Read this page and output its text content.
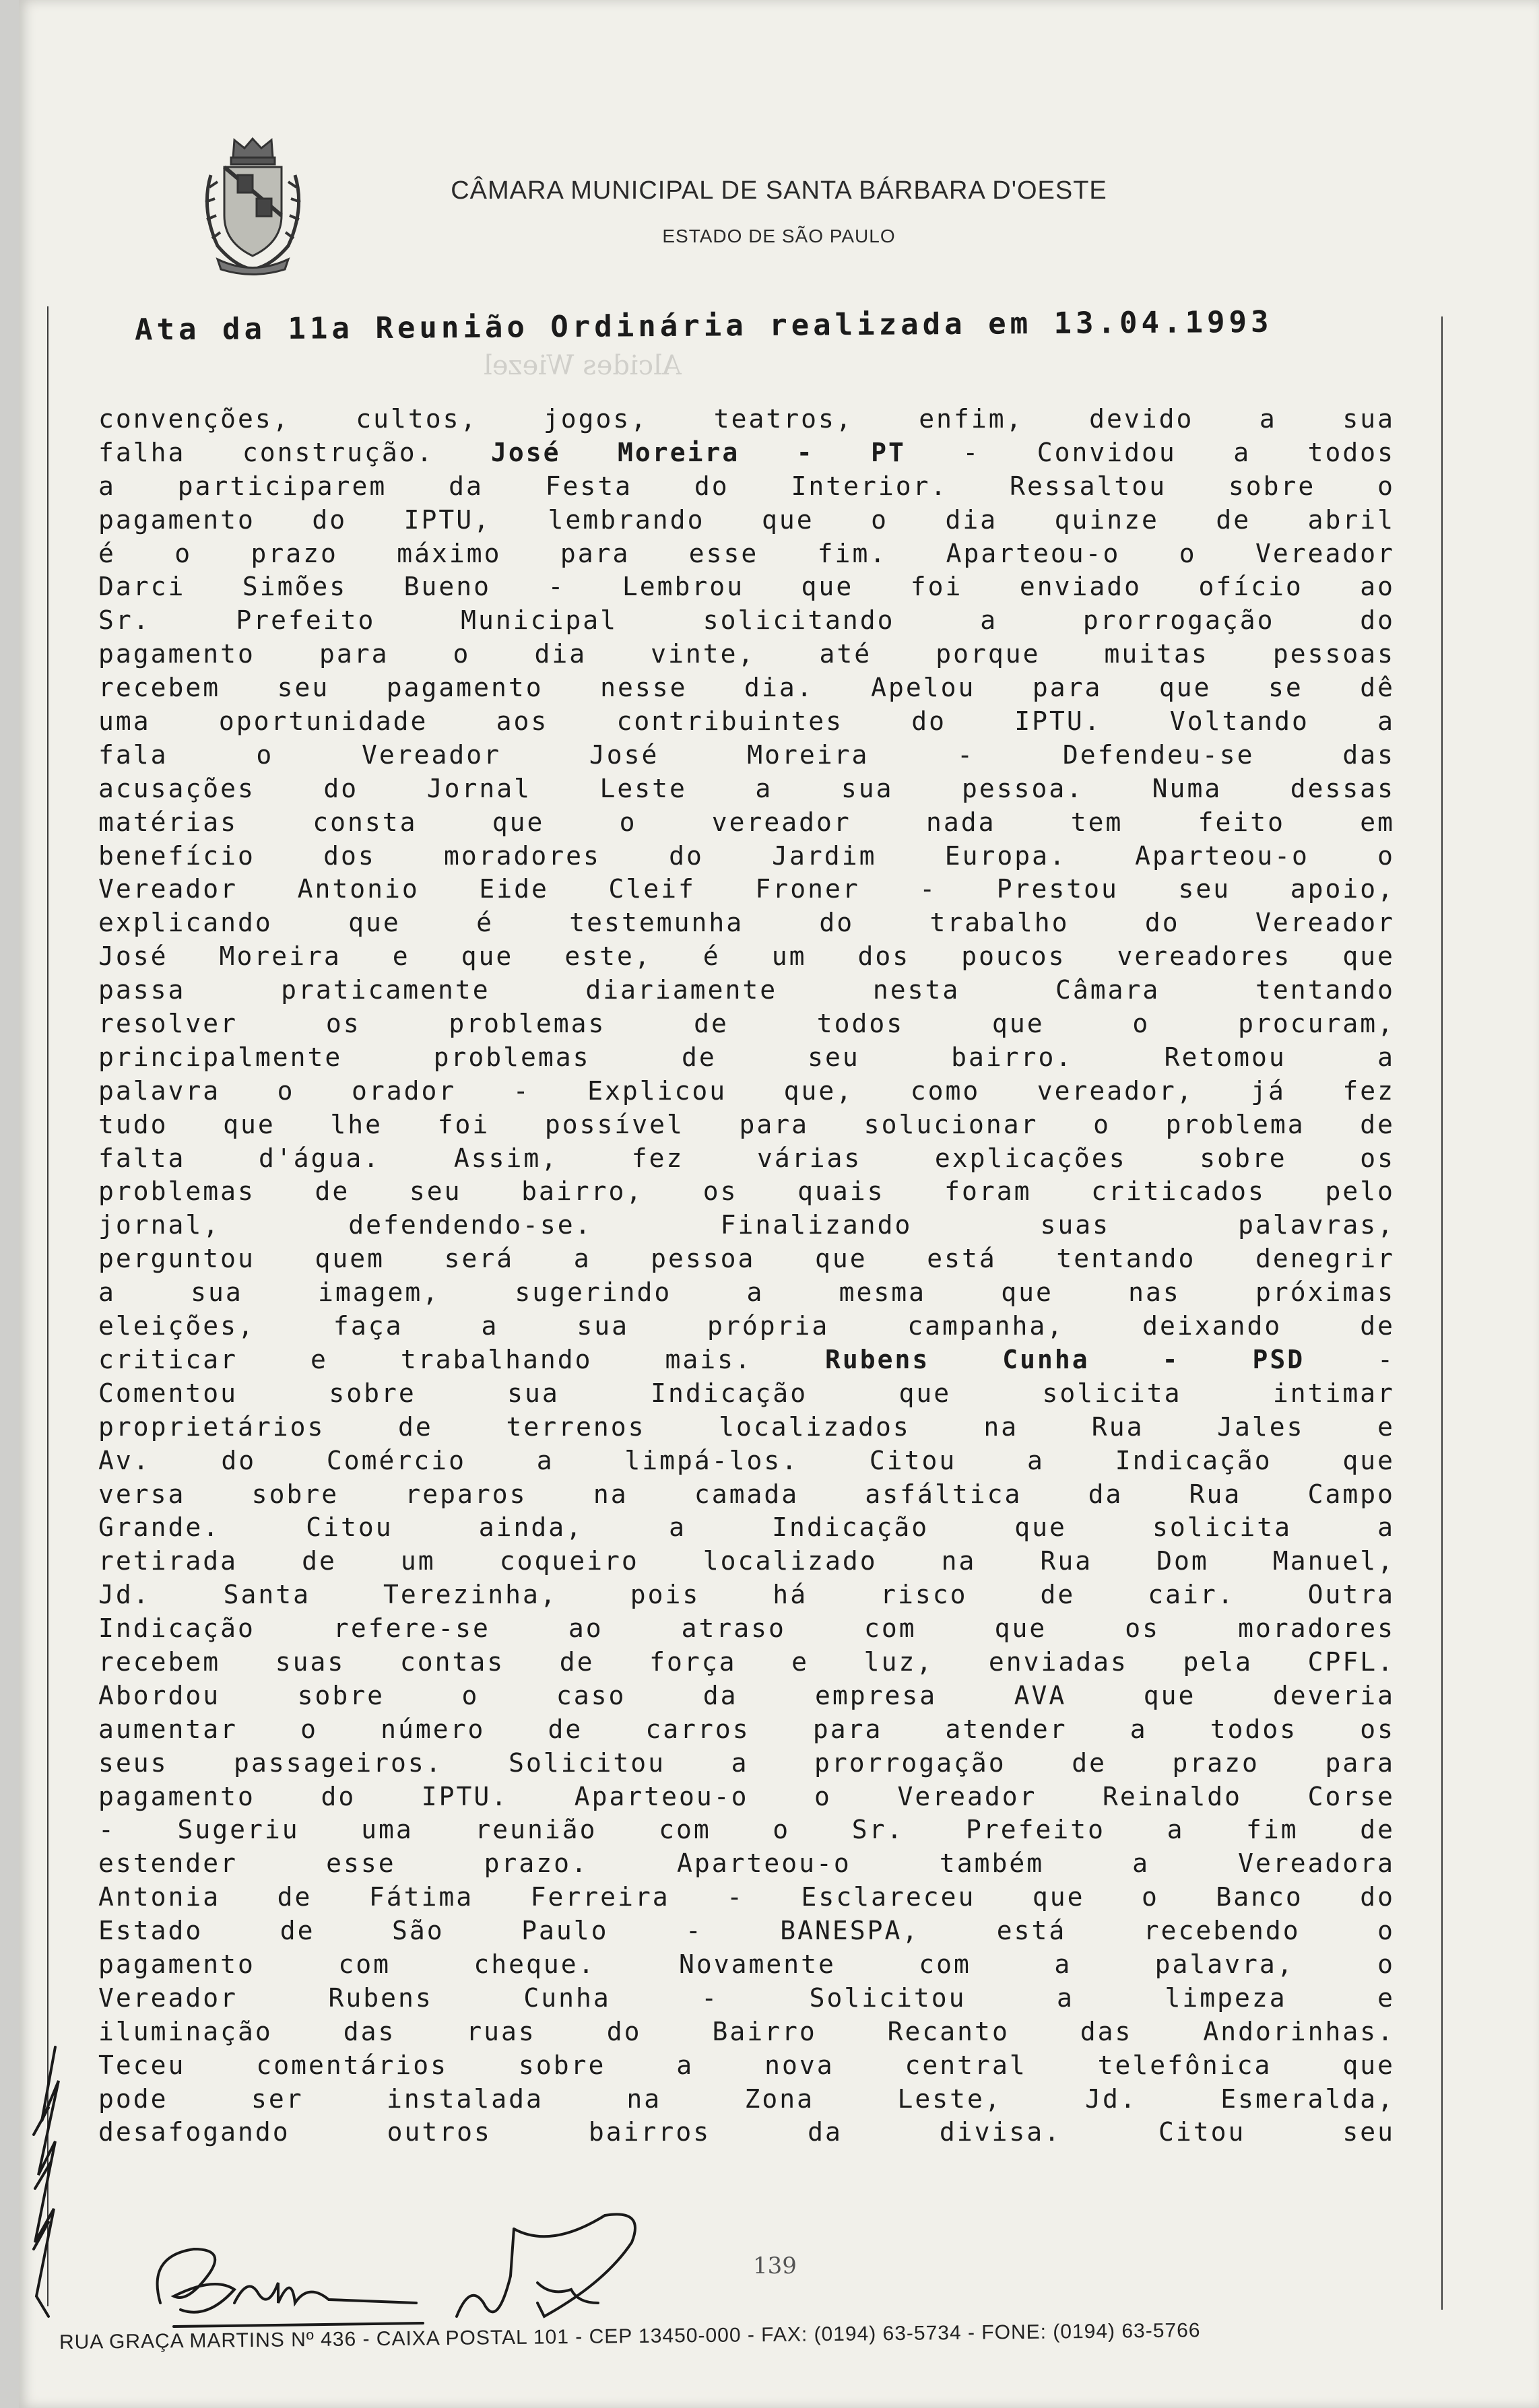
CÂMARA MUNICIPAL DE SANTA BÁRBARA D'OESTE
ESTADO DE SÃO PAULO
Ata da 11a Reunião Ordinária realizada em 13.04.1993
Alcides Wiezel
convenções, cultos, jogos, teatros, enfim, devido a sua
falha construção. José Moreira - PT - Convidou a todos
a participarem da Festa do Interior. Ressaltou sobre o
pagamento do IPTU, lembrando que o dia quinze de abril
é o prazo máximo para esse fim. Aparteou-o o Vereador
Darci Simões Bueno - Lembrou que foi enviado ofício ao
Sr. Prefeito Municipal solicitando a prorrogação do
pagamento para o dia vinte, até porque muitas pessoas
recebem seu pagamento nesse dia. Apelou para que se dê
uma oportunidade aos contribuintes do IPTU. Voltando a
fala o Vereador José Moreira - Defendeu-se das
acusações do Jornal Leste a sua pessoa. Numa dessas
matérias consta que o vereador nada tem feito em
benefício dos moradores do Jardim Europa. Aparteou-o o
Vereador Antonio Eide Cleif Froner - Prestou seu apoio,
explicando que é testemunha do trabalho do Vereador
José Moreira e que este, é um dos poucos vereadores que
passa praticamente diariamente nesta Câmara tentando
resolver os problemas de todos que o procuram,
principalmente problemas de seu bairro. Retomou a
palavra o orador - Explicou que, como vereador, já fez
tudo que lhe foi possível para solucionar o problema de
falta d'água. Assim, fez várias explicações sobre os
problemas de seu bairro, os quais foram criticados pelo
jornal, defendendo-se. Finalizando suas palavras,
perguntou quem será a pessoa que está tentando denegrir
a sua imagem, sugerindo a mesma que nas próximas
eleições, faça a sua própria campanha, deixando de
criticar e trabalhando mais. Rubens Cunha - PSD -
Comentou sobre sua Indicação que solicita intimar
proprietários de terrenos localizados na Rua Jales e
Av. do Comércio a limpá-los. Citou a Indicação que
versa sobre reparos na camada asfáltica da Rua Campo
Grande. Citou ainda, a Indicação que solicita a
retirada de um coqueiro localizado na Rua Dom Manuel,
Jd. Santa Terezinha, pois há risco de cair. Outra
Indicação refere-se ao atraso com que os moradores
recebem suas contas de força e luz, enviadas pela CPFL.
Abordou sobre o caso da empresa AVA que deveria
aumentar o número de carros para atender a todos os
seus passageiros. Solicitou a prorrogação de prazo para
pagamento do IPTU. Aparteou-o o Vereador Reinaldo Corse
- Sugeriu uma reunião com o Sr. Prefeito a fim de
estender esse prazo. Aparteou-o também a Vereadora
Antonia de Fátima Ferreira - Esclareceu que o Banco do
Estado de São Paulo - BANESPA, está recebendo o
pagamento com cheque. Novamente com a palavra, o
Vereador Rubens Cunha - Solicitou a limpeza e
iluminação das ruas do Bairro Recanto das Andorinhas.
Teceu comentários sobre a nova central telefônica que
pode ser instalada na Zona Leste, Jd. Esmeralda,
desafogando outros bairros da divisa. Citou seu
139
RUA GRAÇA MARTINS Nº 436 - CAIXA POSTAL 101 - CEP 13450-000 - FAX: (0194) 63-5734 - FONE: (0194) 63-5766
